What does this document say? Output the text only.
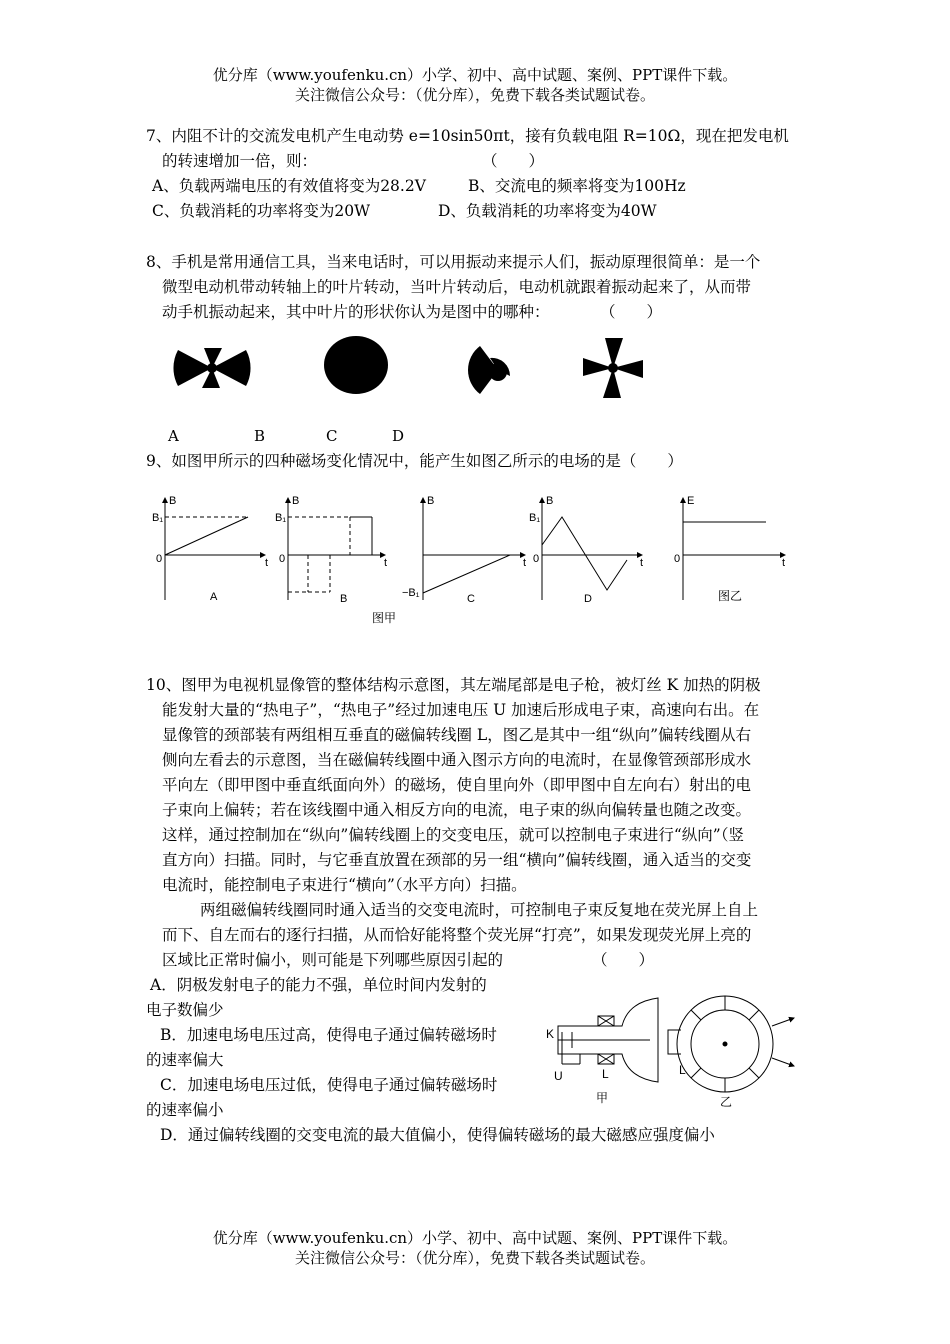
优分库（www.youfenku.cn）小学、初中、高中试题、案例、PPT课件下载。
关注微信公众号：（优分库），免费下载各类试题试卷。
7、内阻不计的交流发电机产生电动势 e=10sin50πt，接有负载电阻 R=10Ω，现在把发电机
的转速增加一倍，则：	（　　）
A、负载两端电压的有效值将变为28.2V	B、交流电的频率将变为100Hz
C、负载消耗的功率将变为20W	D、负载消耗的功率将变为40W
8、手机是常用通信工具，当来电话时，可以用振动来提示人们，振动原理很简单：是一个
微型电动机带动转轴上的叶片转动，当叶片转动后，电动机就跟着振动起来了，从而带
动手机振动起来，其中叶片的形状你认为是图中的哪种：	（　　）
A	B	C	D
9、如图甲所示的四种磁场变化情况中，能产生如图乙所示的电场的是（　　）
B
B₁
0	t
A
B
B₁
0	t
B
B
−B₁
t
C
B
B₁
0	t
D
E
0	t
图乙
图甲
10、图甲为电视机显像管的整体结构示意图，其左端尾部是电子枪，被灯丝 K 加热的阴极
能发射大量的“热电子”，“热电子”经过加速电压 U 加速后形成电子束，高速向右出。在
显像管的颈部装有两组相互垂直的磁偏转线圈 L，图乙是其中一组“纵向”偏转线圈从右
侧向左看去的示意图，当在磁偏转线圈中通入图示方向的电流时，在显像管颈部形成水
平向左（即甲图中垂直纸面向外）的磁场，使自里向外（即甲图中自左向右）射出的电
子束向上偏转；若在该线圈中通入相反方向的电流，电子束的纵向偏转量也随之改变。
这样，通过控制加在“纵向”偏转线圈上的交变电压，就可以控制电子束进行“纵向”（竖
直方向）扫描。同时，与它垂直放置在颈部的另一组“横向”偏转线圈，通入适当的交变
电流时，能控制电子束进行“横向”（水平方向）扫描。
两组磁偏转线圈同时通入适当的交变电流时，可控制电子束反复地在荧光屏上自上
而下、自左而右的逐行扫描，从而恰好能将整个荧光屏“打亮”，如果发现荧光屏上亮的
区域比正常时偏小，则可能是下列哪些原因引起的	（　　）
A．阴极发射电子的能力不强，单位时间内发射的
电子数偏少
B．加速电场电压过高，使得电子通过偏转磁场时
的速率偏大
C．加速电场电压过低，使得电子通过偏转磁场时
的速率偏小
D．通过偏转线圈的交变电流的最大值偏小，使得偏转磁场的最大磁感应强度偏小
K
L
U
甲
L
乙
优分库（www.youfenku.cn）小学、初中、高中试题、案例、PPT课件下载。
关注微信公众号：（优分库），免费下载各类试题试卷。
